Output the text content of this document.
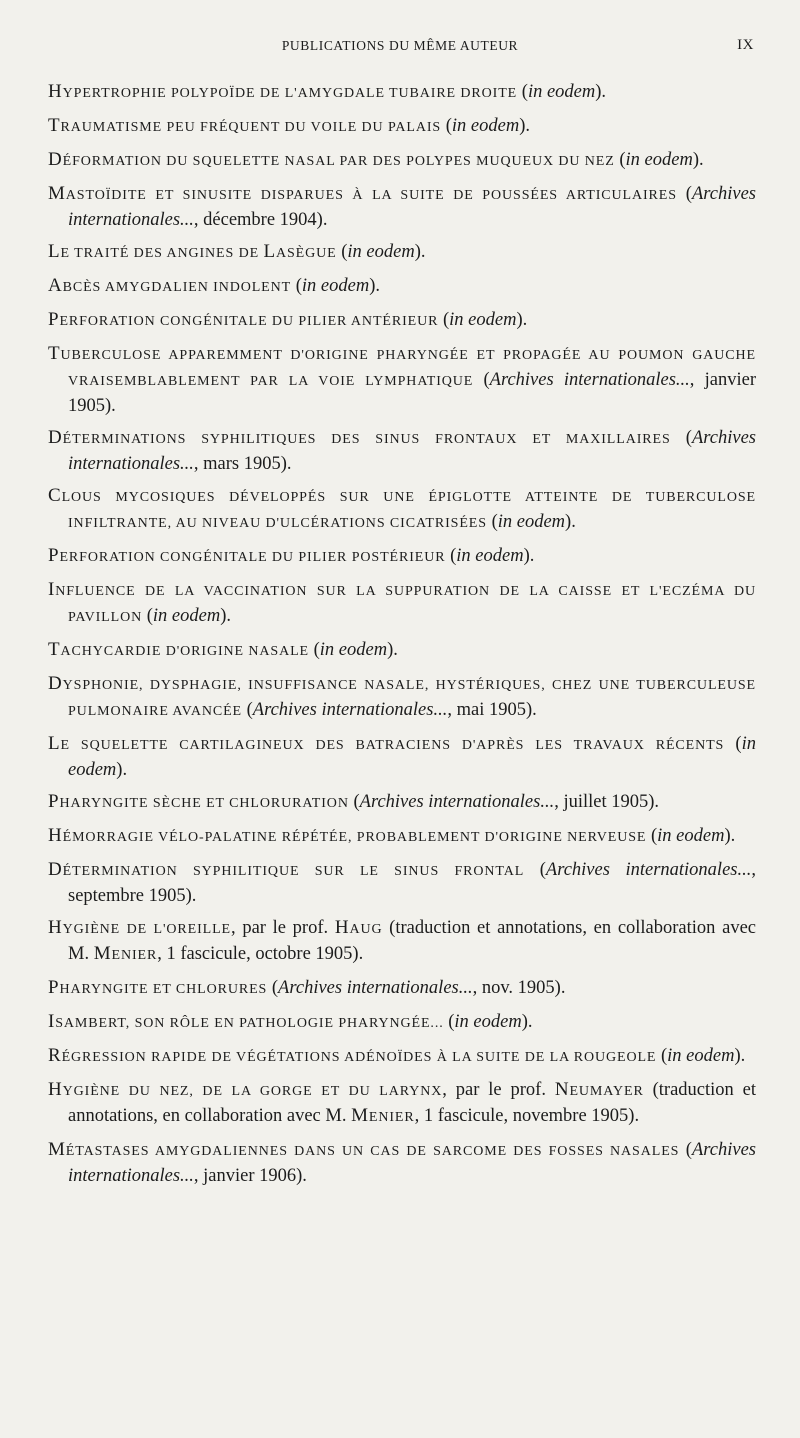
PUBLICATIONS DU MÊME AUTEUR	IX
HYPERTROPHIE POLYPOÏDE DE L'AMYGDALE TUBAIRE DROITE (in eodem).
TRAUMATISME PEU FRÉQUENT DU VOILE DU PALAIS (in eodem).
DÉFORMATION DU SQUELETTE NASAL PAR DES POLYPES MUQUEUX DU NEZ (in eodem).
MASTOÏDITE ET SINUSITE DISPARUES À LA SUITE DE POUSSÉES ARTICULAIRES (Archives internationales..., décembre 1904).
LE TRAITÉ DES ANGINES DE LASÈGUE (in eodem).
ABCÈS AMYGDALIEN INDOLENT (in eodem).
PERFORATION CONGÉNITALE DU PILIER ANTÉRIEUR (in eodem).
TUBERCULOSE APPAREMMENT D'ORIGINE PHARYNGÉE ET PROPAGÉE AU POUMON GAUCHE VRAISEMBLABLEMENT PAR LA VOIE LYMPHATIQUE (Archives internationales..., janvier 1905).
DÉTERMINATIONS SYPHILITIQUES DES SINUS FRONTAUX ET MAXILLAIRES (Archives internationales..., mars 1905).
CLOUS MYCOSIQUES DÉVELOPPÉS SUR UNE ÉPIGLOTTE ATTEINTE DE TUBERCULOSE INFILTRANTE, AU NIVEAU D'ULCÉRATIONS CICATRISÉES (in eodem).
PERFORATION CONGÉNITALE DU PILIER POSTÉRIEUR (in eodem).
INFLUENCE DE LA VACCINATION SUR LA SUPPURATION DE LA CAISSE ET L'ECZÉMA DU PAVILLON (in eodem).
TACHYCARDIE D'ORIGINE NASALE (in eodem).
DYSPHONIE, DYSPHAGIE, INSUFFISANCE NASALE, HYSTÉRIQUES, CHEZ UNE TUBERCULEUSE PULMONAIRE AVANCÉE (Archives internationales..., mai 1905).
LE SQUELETTE CARTILAGINEUX DES BATRACIENS D'APRÈS LES TRAVAUX RÉCENTS (in eodem).
PHARYNGITE SÈCHE ET CHLORURATION (Archives internationales..., juillet 1905).
HÉMORRAGIE VÉLO-PALATINE RÉPÉTÉE, PROBABLEMENT D'ORIGINE NERVEUSE (in eodem).
DÉTERMINATION SYPHILITIQUE SUR LE SINUS FRONTAL (Archives internationales..., septembre 1905).
HYGIÈNE DE L'OREILLE, par le prof. HAUG (traduction et annotations, en collaboration avec M. MENIER, 1 fascicule, octobre 1905).
PHARYNGITE ET CHLORURES (Archives internationales..., nov. 1905).
ISAMBERT, SON RÔLE EN PATHOLOGIE PHARYNGÉE... (in eodem).
RÉGRESSION RAPIDE DE VÉGÉTATIONS ADÉNOÏDES À LA SUITE DE LA ROUGEOLE (in eodem).
HYGIÈNE DU NEZ, DE LA GORGE ET DU LARYNX, par le prof. NEUMAYER (traduction et annotations, en collaboration avec M. MENIER, 1 fascicule, novembre 1905).
MÉTASTASES AMYGDALIENNES DANS UN CAS DE SARCOME DES FOSSES NASALES (Archives internationales..., janvier 1906).
